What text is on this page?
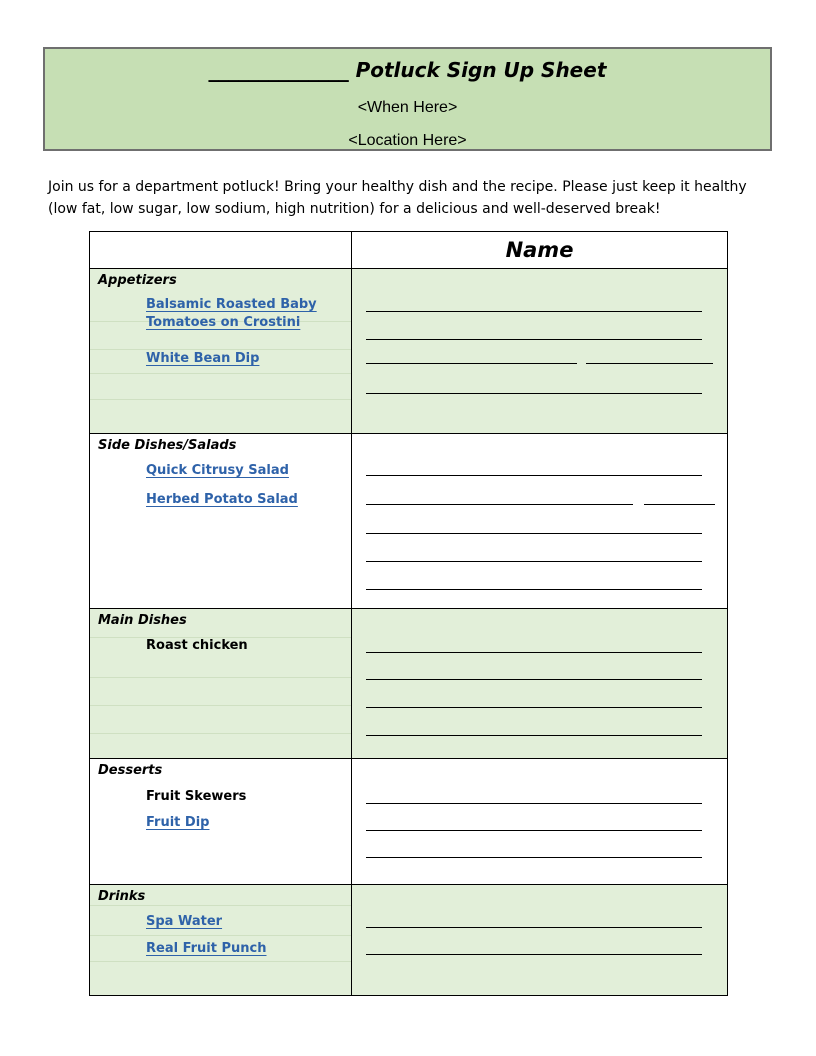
______________ Potluck Sign Up Sheet
<When Here>
<Location Here>
Join us for a department potluck! Bring your healthy dish and the recipe. Please just keep it healthy (low fat, low sugar, low sodium, high nutrition) for a delicious and well-deserved break!
Name
Appetizers
Balsamic Roasted Baby
Tomatoes on Crostini
White Bean Dip
Side Dishes/Salads
Quick Citrusy Salad
Herbed Potato Salad
Main Dishes
Roast chicken
Desserts
Fruit Skewers
Fruit Dip
Drinks
Spa Water
Real Fruit Punch
